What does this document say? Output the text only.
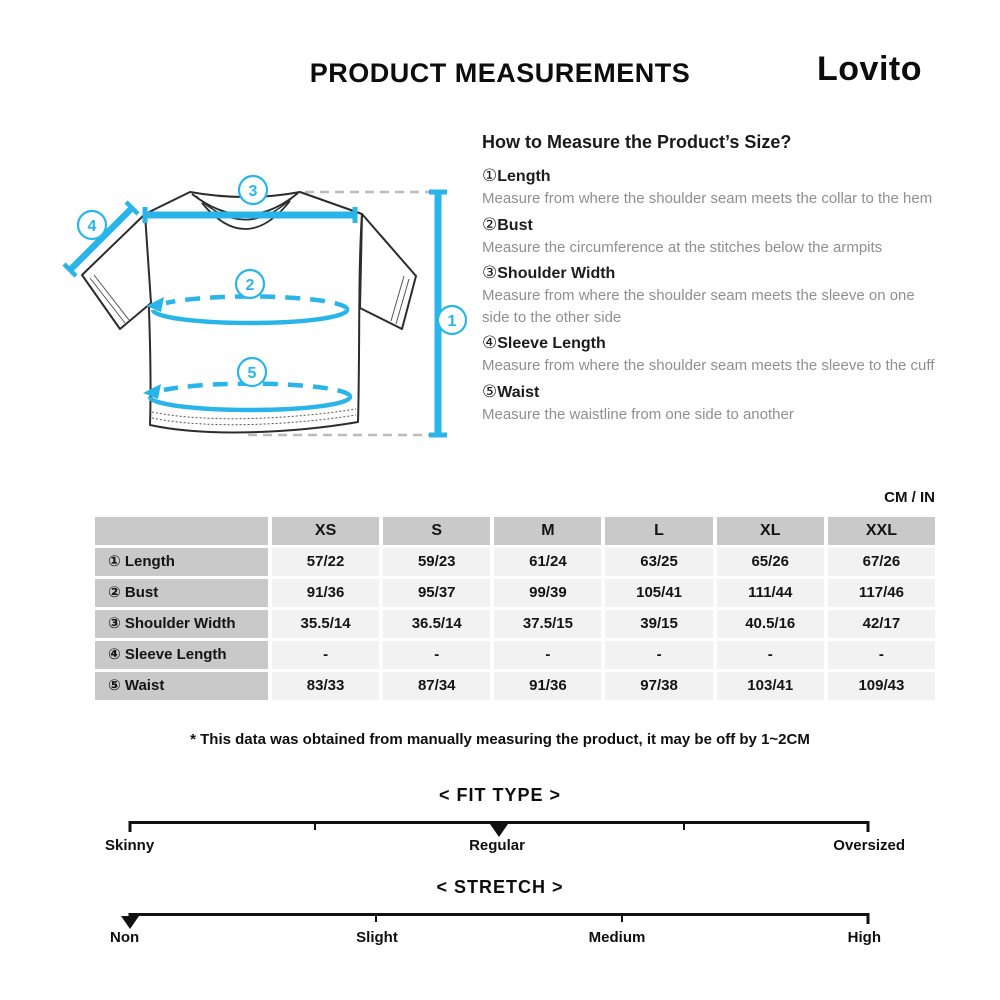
PRODUCT MEASUREMENTS	Lovito
3
4
2
5
1
How to Measure the Product’s Size?
①Length
Measure from where the shoulder seam meets the collar to the hem
②Bust
Measure the circumference at the stitches below the armpits
③Shoulder Width
Measure from where the shoulder seam meets the sleeve on one side to the other side
④Sleeve Length
Measure from where the shoulder seam meets the sleeve to the cuff
⑤Waist
Measure the waistline from one side to another
CM / IN
XS	S	M	L	XL	XXL
① Length	57/22	59/23	61/24	63/25	65/26	67/26
② Bust	91/36	95/37	99/39	105/41	111/44	117/46
③ Shoulder Width	35.5/14	36.5/14	37.5/15	39/15	40.5/16	42/17
④ Sleeve Length	-	-	-	-	-	-
⑤ Waist	83/33	87/34	91/36	97/38	103/41	109/43
* This data was obtained from manually measuring the product, it may be off by 1~2CM
< FIT TYPE >
Skinny	Regular	Oversized
< STRETCH >
Non	Slight	Medium	High
